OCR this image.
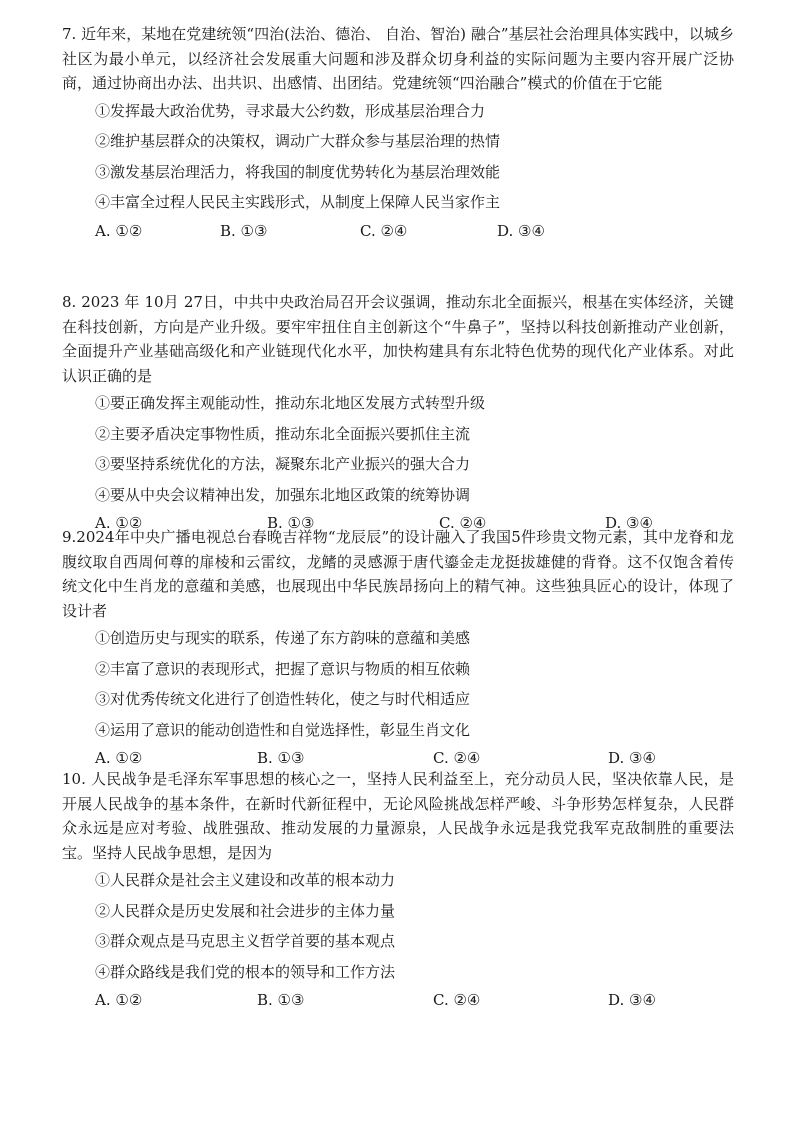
7. 近年来，某地在党建统领“四治(法治、德治、 自治、智治) 融合”基层社会治理具体实践中，以城乡社区为最小单元，以经济社会发展重大问题和涉及群众切身利益的实际问题为主要内容开展广泛协商，通过协商出办法、出共识、出感情、出团结。党建统领“四治融合”模式的价值在于它能

①发挥最大政治优势，寻求最大公约数，形成基层治理合力
②维护基层群众的决策权，调动广大群众参与基层治理的热情
③激发基层治理活力，将我国的制度优势转化为基层治理效能
④丰富全过程人民民主实践形式，从制度上保障人民当家作主
A. ①②	B. ①③	C. ②④	D. ③④

8. 2023 年 10月 27日，中共中央政治局召开会议强调，推动东北全面振兴，根基在实体经济，关键在科技创新，方向是产业升级。要牢牢扭住自主创新这个“牛鼻子”，坚持以科技创新推动产业创新，全面提升产业基础高级化和产业链现代化水平，加快构建具有东北特色优势的现代化产业体系。对此认识正确的是

①要正确发挥主观能动性，推动东北地区发展方式转型升级
②主要矛盾决定事物性质，推动东北全面振兴要抓住主流
③要坚持系统优化的方法，凝聚东北产业振兴的强大合力
④要从中央会议精神出发，加强东北地区政策的统筹协调
A. ①②	B. ①③	C. ②④	D. ③④

9.2024年中央广播电视总台春晚吉祥物“龙辰辰”的设计融入了我国5件珍贵文物元素，其中龙脊和龙腹纹取自西周何尊的扉棱和云雷纹，龙鳍的灵感源于唐代鎏金走龙挺拔雄健的背脊。这不仅饱含着传统文化中生肖龙的意蕴和美感，也展现出中华民族昂扬向上的精气神。这些独具匠心的设计，体现了设计者

①创造历史与现实的联系，传递了东方韵味的意蕴和美感
②丰富了意识的表现形式，把握了意识与物质的相互依赖
③对优秀传统文化进行了创造性转化，使之与时代相适应
④运用了意识的能动创造性和自觉选择性，彰显生肖文化
A. ①②	B. ①③	C. ②④	D. ③④

10. 人民战争是毛泽东军事思想的核心之一，坚持人民利益至上，充分动员人民，坚决依靠人民，是开展人民战争的基本条件，在新时代新征程中，无论风险挑战怎样严峻、斗争形势怎样复杂，人民群众永远是应对考验、战胜强敌、推动发展的力量源泉，人民战争永远是我党我军克敌制胜的重要法宝。坚持人民战争思想，是因为

①人民群众是社会主义建设和改革的根本动力
②人民群众是历史发展和社会进步的主体力量
③群众观点是马克思主义哲学首要的基本观点
④群众路线是我们党的根本的领导和工作方法
A. ①②	B. ①③	C. ②④	D. ③④
